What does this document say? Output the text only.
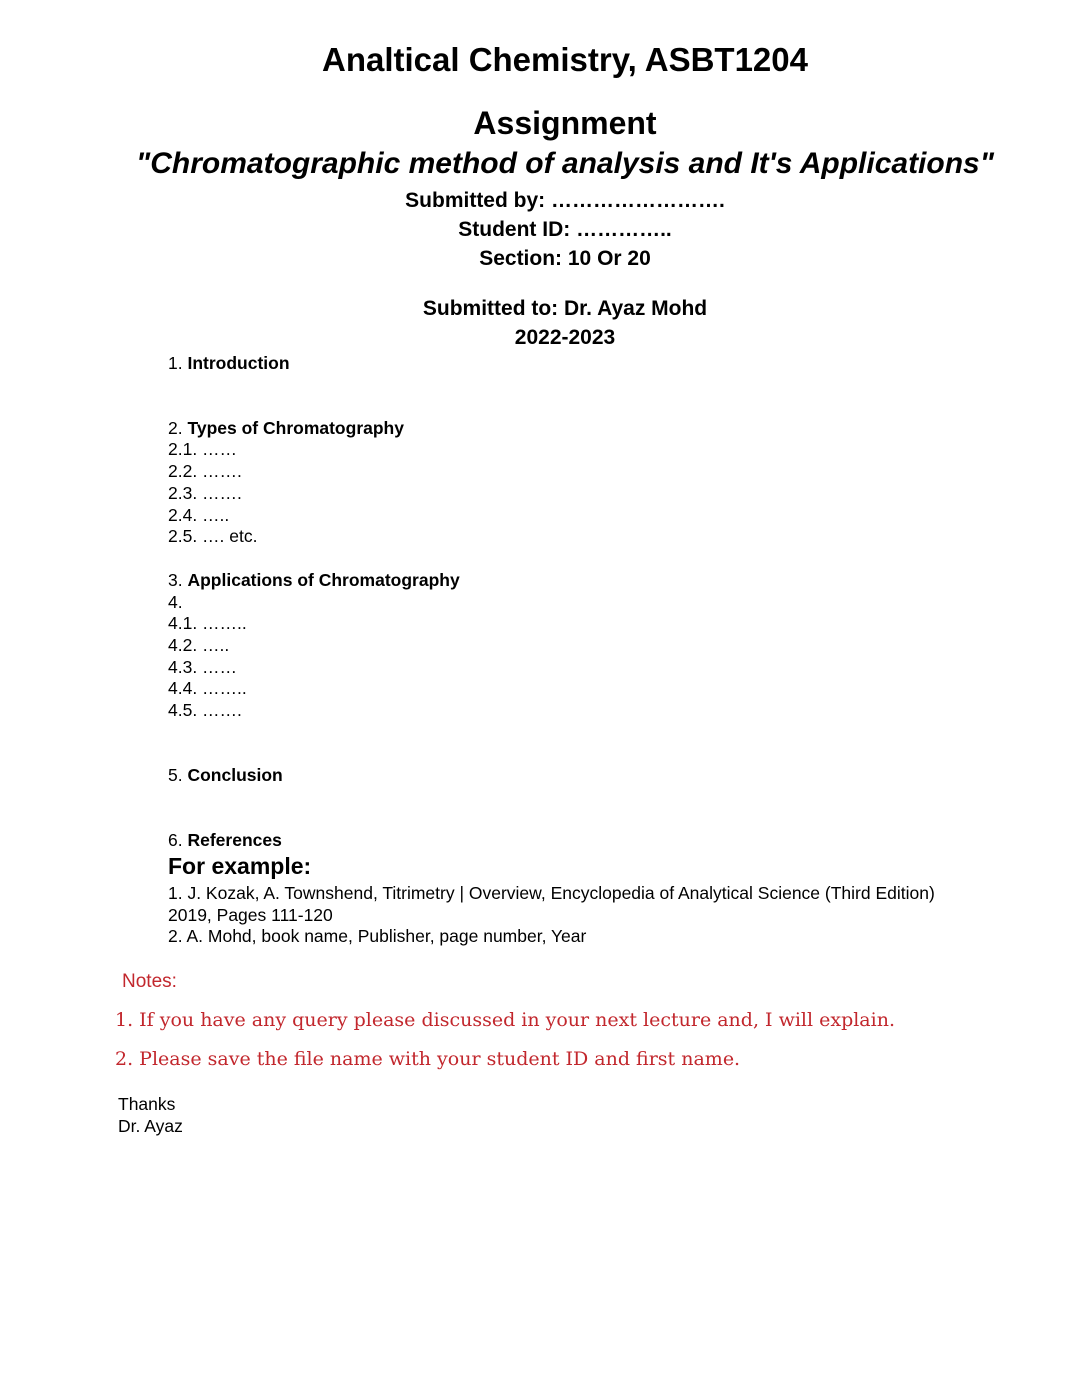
Analtical Chemistry, ASBT1204
Assignment
"Chromatographic method of analysis and It's Applications"
Submitted by: …………………….
Student ID: …………..
Section: 10 Or 20
Submitted to: Dr. Ayaz Mohd
2022-2023
1. Introduction
2. Types of Chromatography
2.1. ……
2.2. …….
2.3. …….
2.4. …..
2.5. …. etc.
3. Applications of Chromatography
4.
4.1. ……..
4.2. …..
4.3. ……
4.4. ……..
4.5. …….
5. Conclusion
6. References
For example:
1. J. Kozak, A. Townshend, Titrimetry | Overview, Encyclopedia of Analytical Science (Third Edition) 2019, Pages 111-120
2. A. Mohd, book name, Publisher, page number, Year
Notes:
1. If you have any query please discussed in your next lecture and, I will explain.
2. Please save the file name with your student ID and first name.
Thanks
Dr. Ayaz
